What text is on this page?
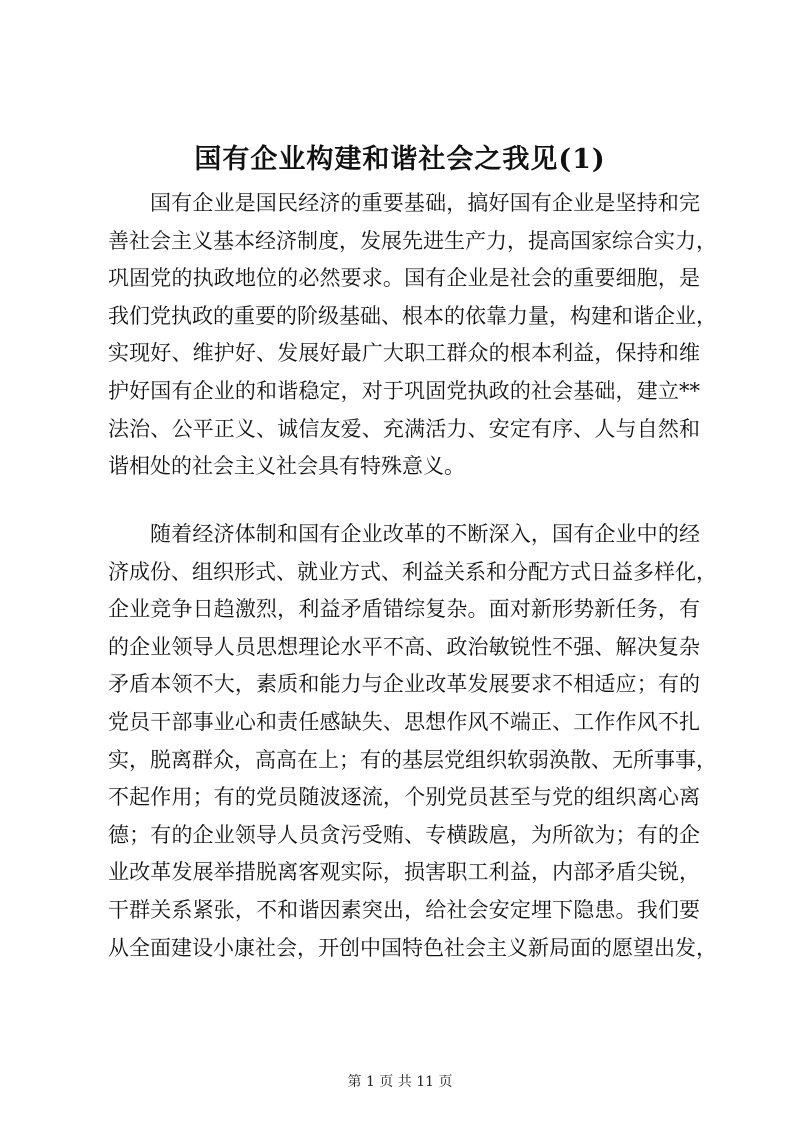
国有企业构建和谐社会之我见(1)
国有企业是国民经济的重要基础，搞好国有企业是坚持和完
善社会主义基本经济制度，发展先进生产力，提高国家综合实力，
巩固党的执政地位的必然要求。国有企业是社会的重要细胞，是
我们党执政的重要的阶级基础、根本的依靠力量，构建和谐企业，
实现好、维护好、发展好最广大职工群众的根本利益，保持和维
护好国有企业的和谐稳定，对于巩固党执政的社会基础，建立**
法治、公平正义、诚信友爱、充满活力、安定有序、人与自然和
谐相处的社会主义社会具有特殊意义。
随着经济体制和国有企业改革的不断深入，国有企业中的经
济成份、组织形式、就业方式、利益关系和分配方式日益多样化，
企业竞争日趋激烈，利益矛盾错综复杂。面对新形势新任务，有
的企业领导人员思想理论水平不高、政治敏锐性不强、解决复杂
矛盾本领不大，素质和能力与企业改革发展要求不相适应；有的
党员干部事业心和责任感缺失、思想作风不端正、工作作风不扎
实，脱离群众，高高在上；有的基层党组织软弱涣散、无所事事，
不起作用；有的党员随波逐流，个别党员甚至与党的组织离心离
德；有的企业领导人员贪污受贿、专横跋扈，为所欲为；有的企
业改革发展举措脱离客观实际，损害职工利益，内部矛盾尖锐，
干群关系紧张，不和谐因素突出，给社会安定埋下隐患。我们要
从全面建设小康社会，开创中国特色社会主义新局面的愿望出发，
第 1 页 共 11 页
